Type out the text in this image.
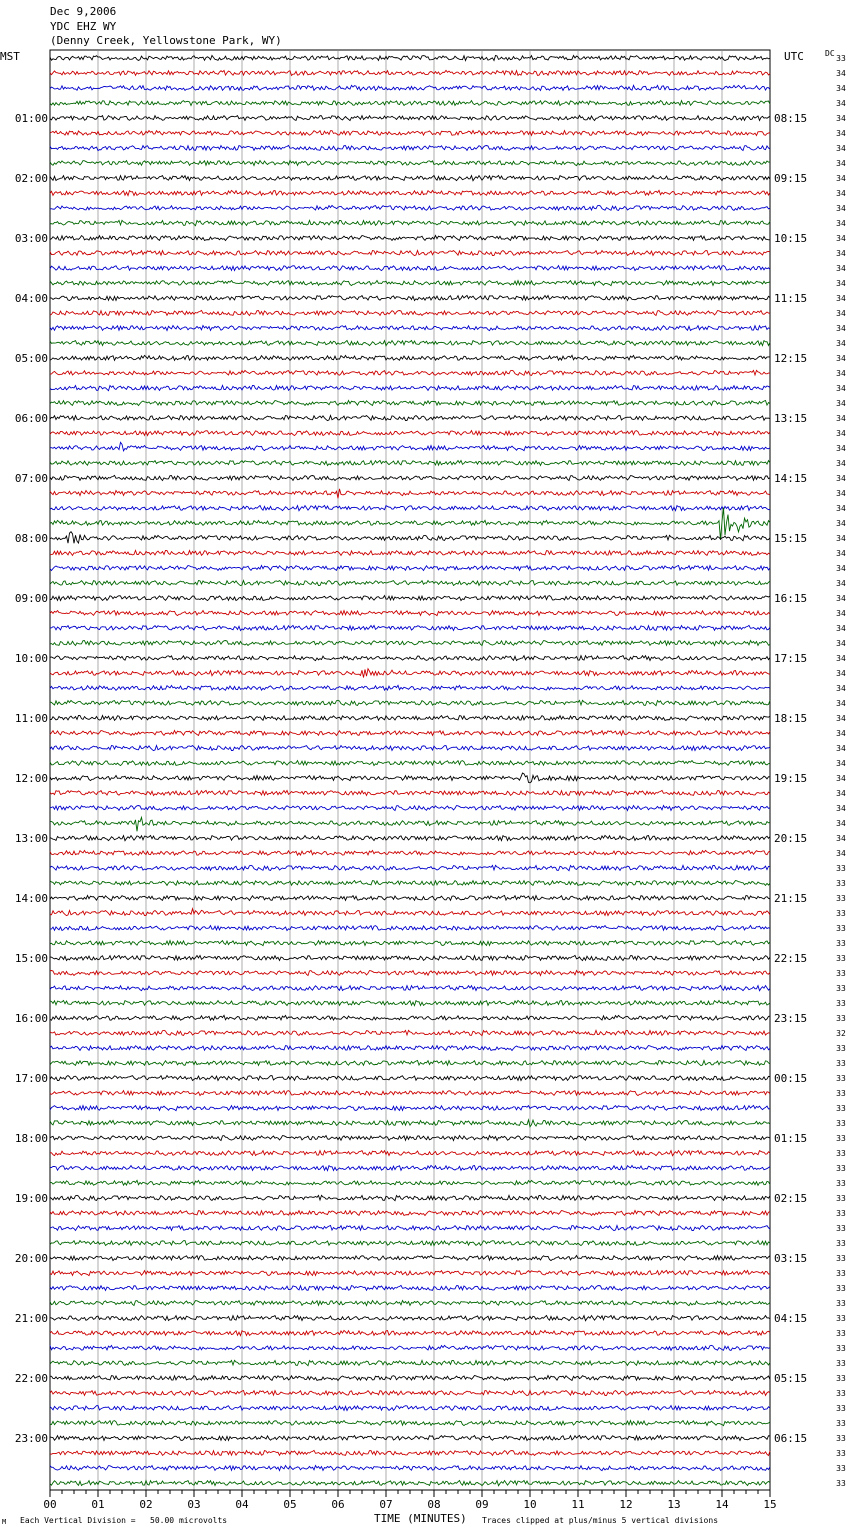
Dec 9,2006
YDC EHZ WY
(Denny Creek, Yellowstone Park, WY)
MST	UTC	DC
33
34
34
34
34
34
34
34
34
34
34
34
34
34
34
34
34
34
34
34
34
34
34
34
34
34
34
34
34
34
34
34
34
34
34
34
34
34
34
34
34
34
34
34
34
34
34
34
34
34
34
34
34
34
33
33
33
33
33
33
33
33
33
33
33
32
33
33
33
33
33
33
33
33
33
33
33
33
33
33
33
33
33
33
33
33
33
33
33
33
33
33
33
33
33
33
01:00
02:00
03:00
04:00
05:00
06:00
07:00
08:00
09:00
10:00
11:00
12:00
13:00
14:00
15:00
16:00
17:00
18:00
19:00
20:00
21:00
22:00
23:00
08:15
09:15
10:15
11:15
12:15
13:15
14:15
15:15
16:15
17:15
18:15
19:15
20:15
21:15
22:15
23:15
00:15
01:15
02:15
03:15
04:15
05:15
06:15
00	01	02	03	04	05	06	07	08	09	10	11	12	13	14	15
M Each Vertical Division =   50.00 microvolts	TIME (MINUTES) Traces clipped at plus/minus 5 vertical divisions
